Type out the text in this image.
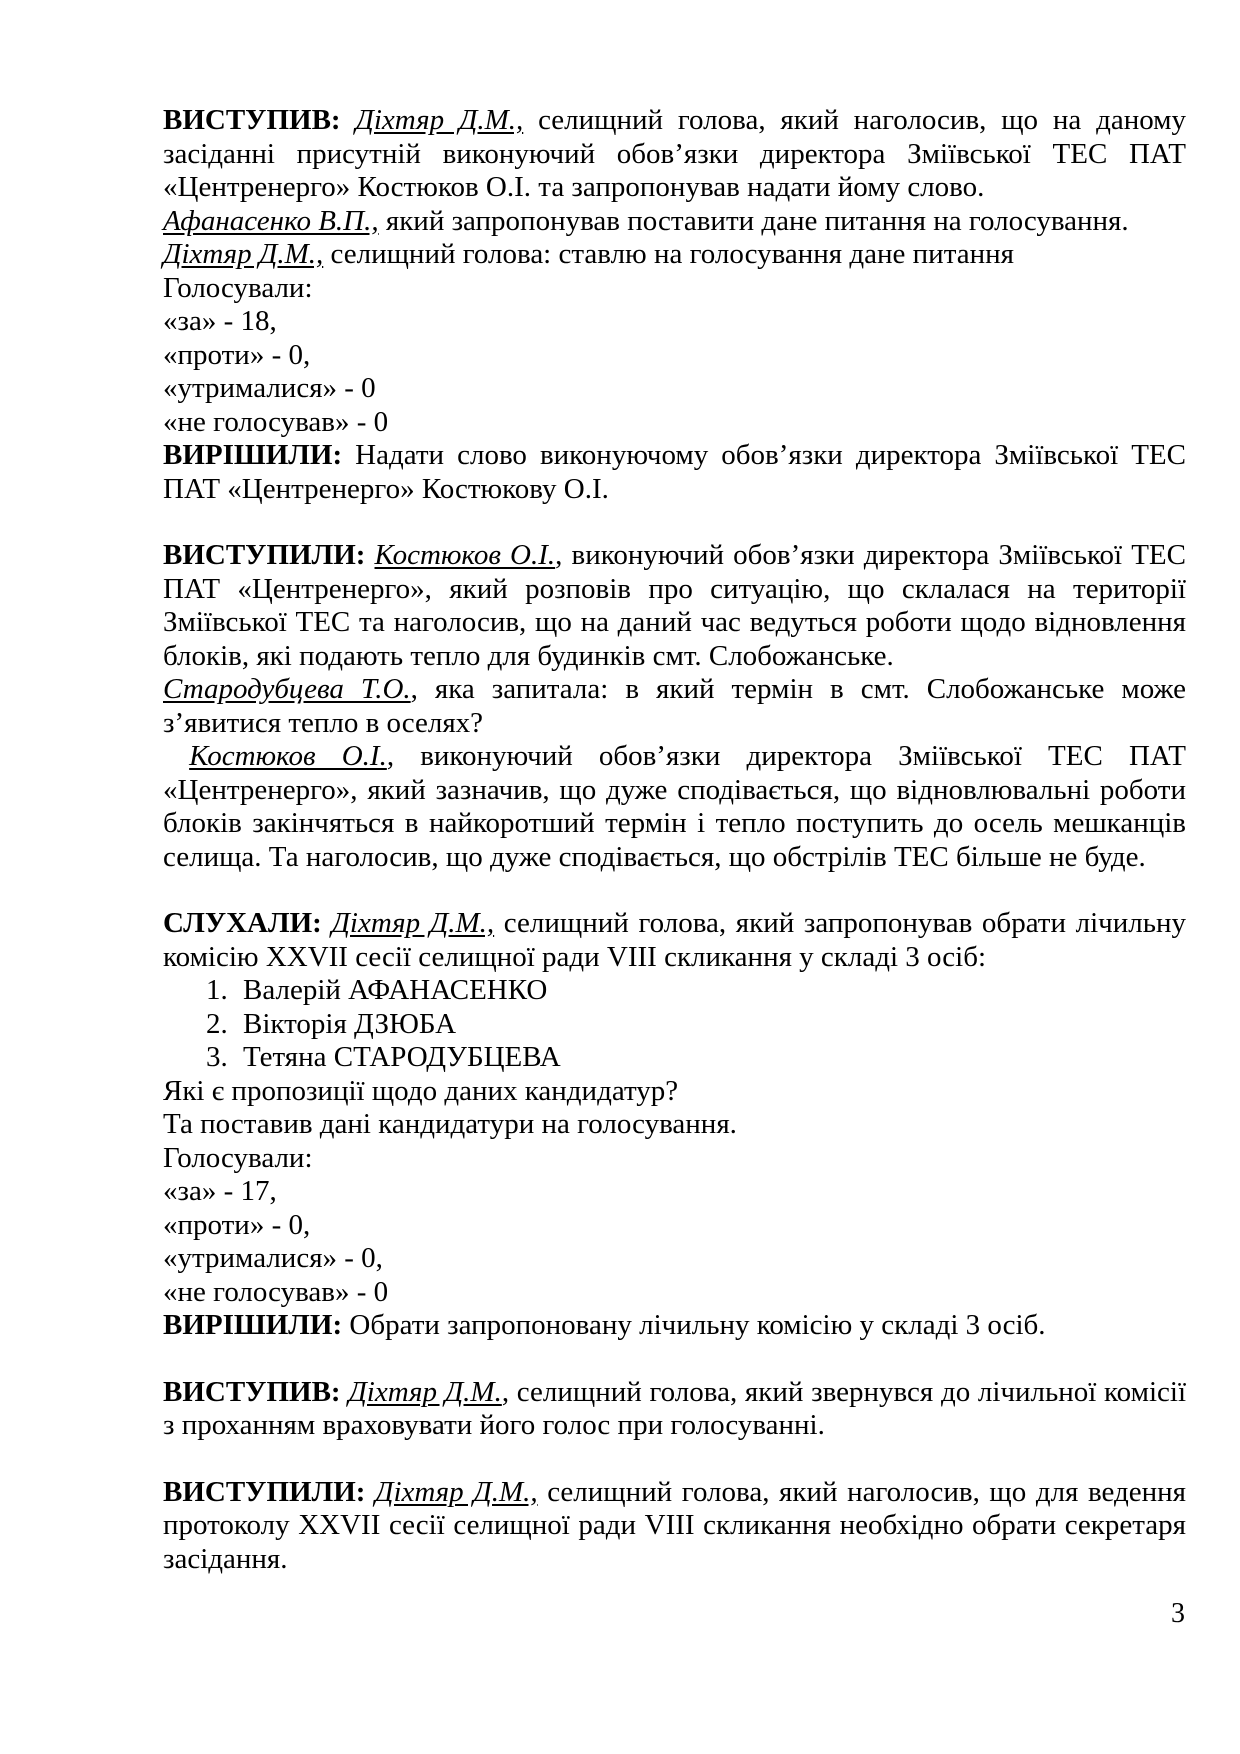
ВИСТУПИВ: Діхтяр Д.М., селищний голова, який наголосив, що на даному засіданні присутній виконуючий обов’язки директора Зміївської ТЕС ПАТ «Центренерго» Костюков О.І. та запропонував надати йому слово.

Афанасенко В.П., який запропонував поставити дане питання на голосування.

Діхтяр Д.М., селищний голова: ставлю на голосування дане питання

Голосували:
«за» - 18,
«проти» - 0,
«утрималися» - 0
«не голосував» - 0

ВИРІШИЛИ: Надати слово виконуючому обов’язки директора Зміївської ТЕС ПАТ «Центренерго» Костюкову О.І.

ВИСТУПИЛИ: Костюков О.І., виконуючий обов’язки директора Зміївської ТЕС ПАТ «Центренерго», який розповів про ситуацію, що склалася на території Зміївської ТЕС та наголосив, що на даний час ведуться роботи щодо відновлення блоків, які подають тепло для будинків смт. Слобожанське.

Стародубцева Т.О., яка запитала: в який термін в смт. Слобожанське може з’явитися тепло в оселях?

Костюков О.І., виконуючий обов’язки директора Зміївської ТЕС ПАТ «Центренерго», який зазначив, що дуже сподівається, що відновлювальні роботи блоків закінчяться в найкоротший термін і тепло поступить до осель мешканців селища. Та наголосив, що дуже сподівається, що обстрілів ТЕС більше не буде.

СЛУХАЛИ: Діхтяр Д.М., селищний голова, який запропонував обрати лічильну комісію XXVII сесії селищної ради VIII скликання у складі 3 осіб:

1. Валерій АФАНАСЕНКО
2. Вікторія ДЗЮБА
3. Тетяна СТАРОДУБЦЕВА
Які є пропозиції щодо даних кандидатур?
Та поставив дані кандидатури на голосування.
Голосували:
«за» - 17,
«проти» - 0,
«утрималися» - 0,
«не голосував» - 0

ВИРІШИЛИ: Обрати запропоновану лічильну комісію у складі 3 осіб.

ВИСТУПИВ: Діхтяр Д.М., селищний голова, який звернувся до лічильної комісії з проханням враховувати його голос при голосуванні.

ВИСТУПИЛИ: Діхтяр Д.М., селищний голова, який наголосив, що для ведення протоколу XXVII сесії селищної ради VIII скликання необхідно обрати секретаря засідання.

3
